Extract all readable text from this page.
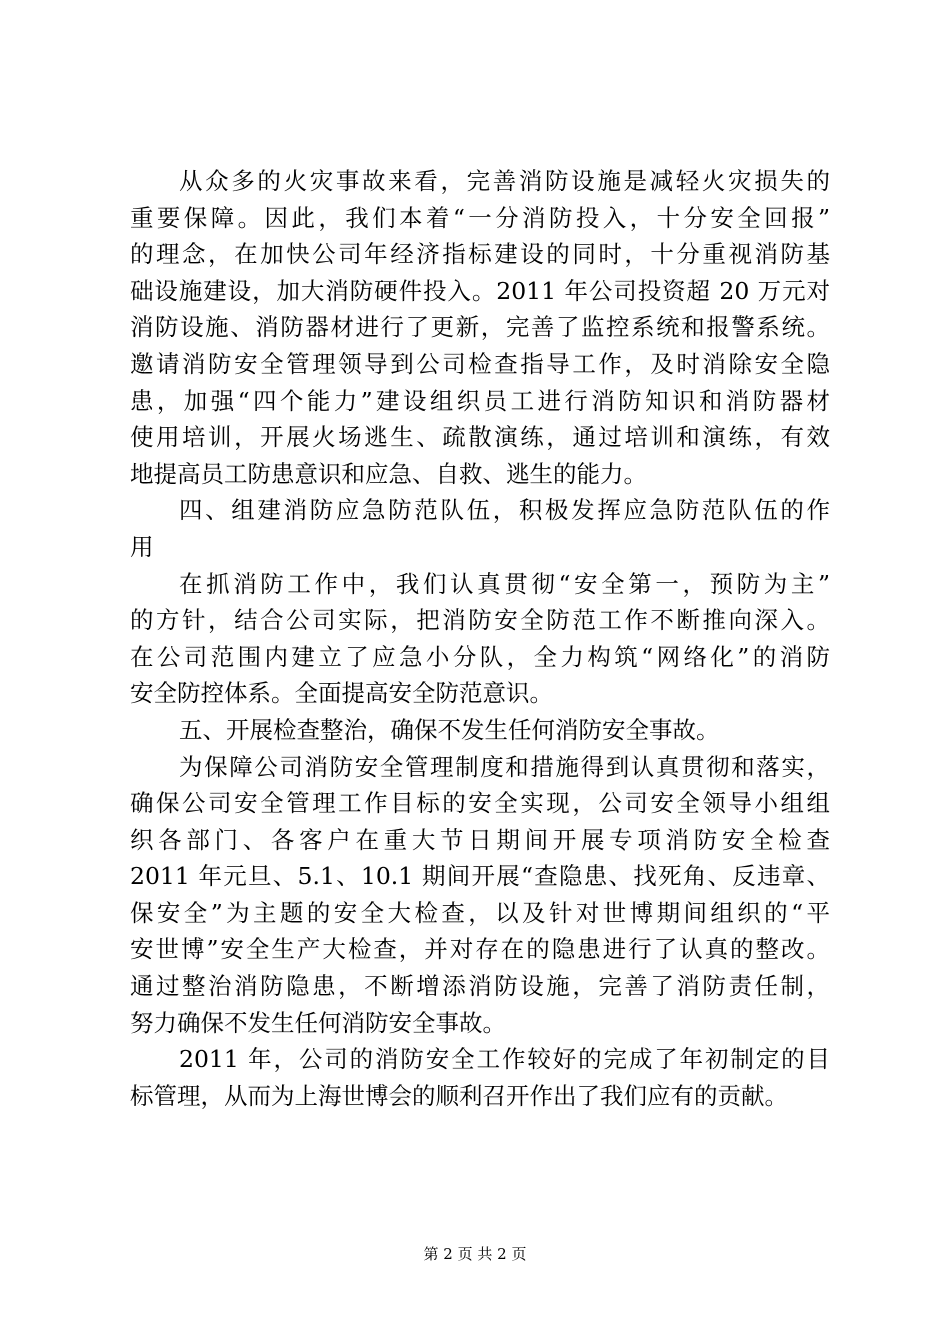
从众多的火灾事故来看，完善消防设施是减轻火灾损失的
重要保障。因此，我们本着“一分消防投入，十分安全回报”
的理念，在加快公司年经济指标建设的同时，十分重视消防基
础设施建设，加大消防硬件投入。2011 年公司投资超 20 万元对
消防设施、消防器材进行了更新，完善了监控系统和报警系统。
邀请消防安全管理领导到公司检查指导工作，及时消除安全隐
患，加强“四个能力”建设组织员工进行消防知识和消防器材
使用培训，开展火场逃生、疏散演练，通过培训和演练，有效
地提高员工防患意识和应急、自救、逃生的能力。
四、组建消防应急防范队伍，积极发挥应急防范队伍的作
用
在抓消防工作中，我们认真贯彻“安全第一，预防为主”
的方针，结合公司实际，把消防安全防范工作不断推向深入。
在公司范围内建立了应急小分队，全力构筑“网络化”的消防
安全防控体系。全面提高安全防范意识。
五、开展检查整治，确保不发生任何消防安全事故。
为保障公司消防安全管理制度和措施得到认真贯彻和落实，
确保公司安全管理工作目标的安全实现，公司安全领导小组组
织各部门、各客户在重大节日期间开展专项消防安全检查
2011 年元旦、5.1、10.1 期间开展“查隐患、找死角、反违章、
保安全”为主题的安全大检查，以及针对世博期间组织的“平
安世博”安全生产大检查，并对存在的隐患进行了认真的整改。
通过整治消防隐患，不断增添消防设施，完善了消防责任制，
努力确保不发生任何消防安全事故。
2011 年，公司的消防安全工作较好的完成了年初制定的目
标管理，从而为上海世博会的顺利召开作出了我们应有的贡献。
第 2 页 共 2 页
